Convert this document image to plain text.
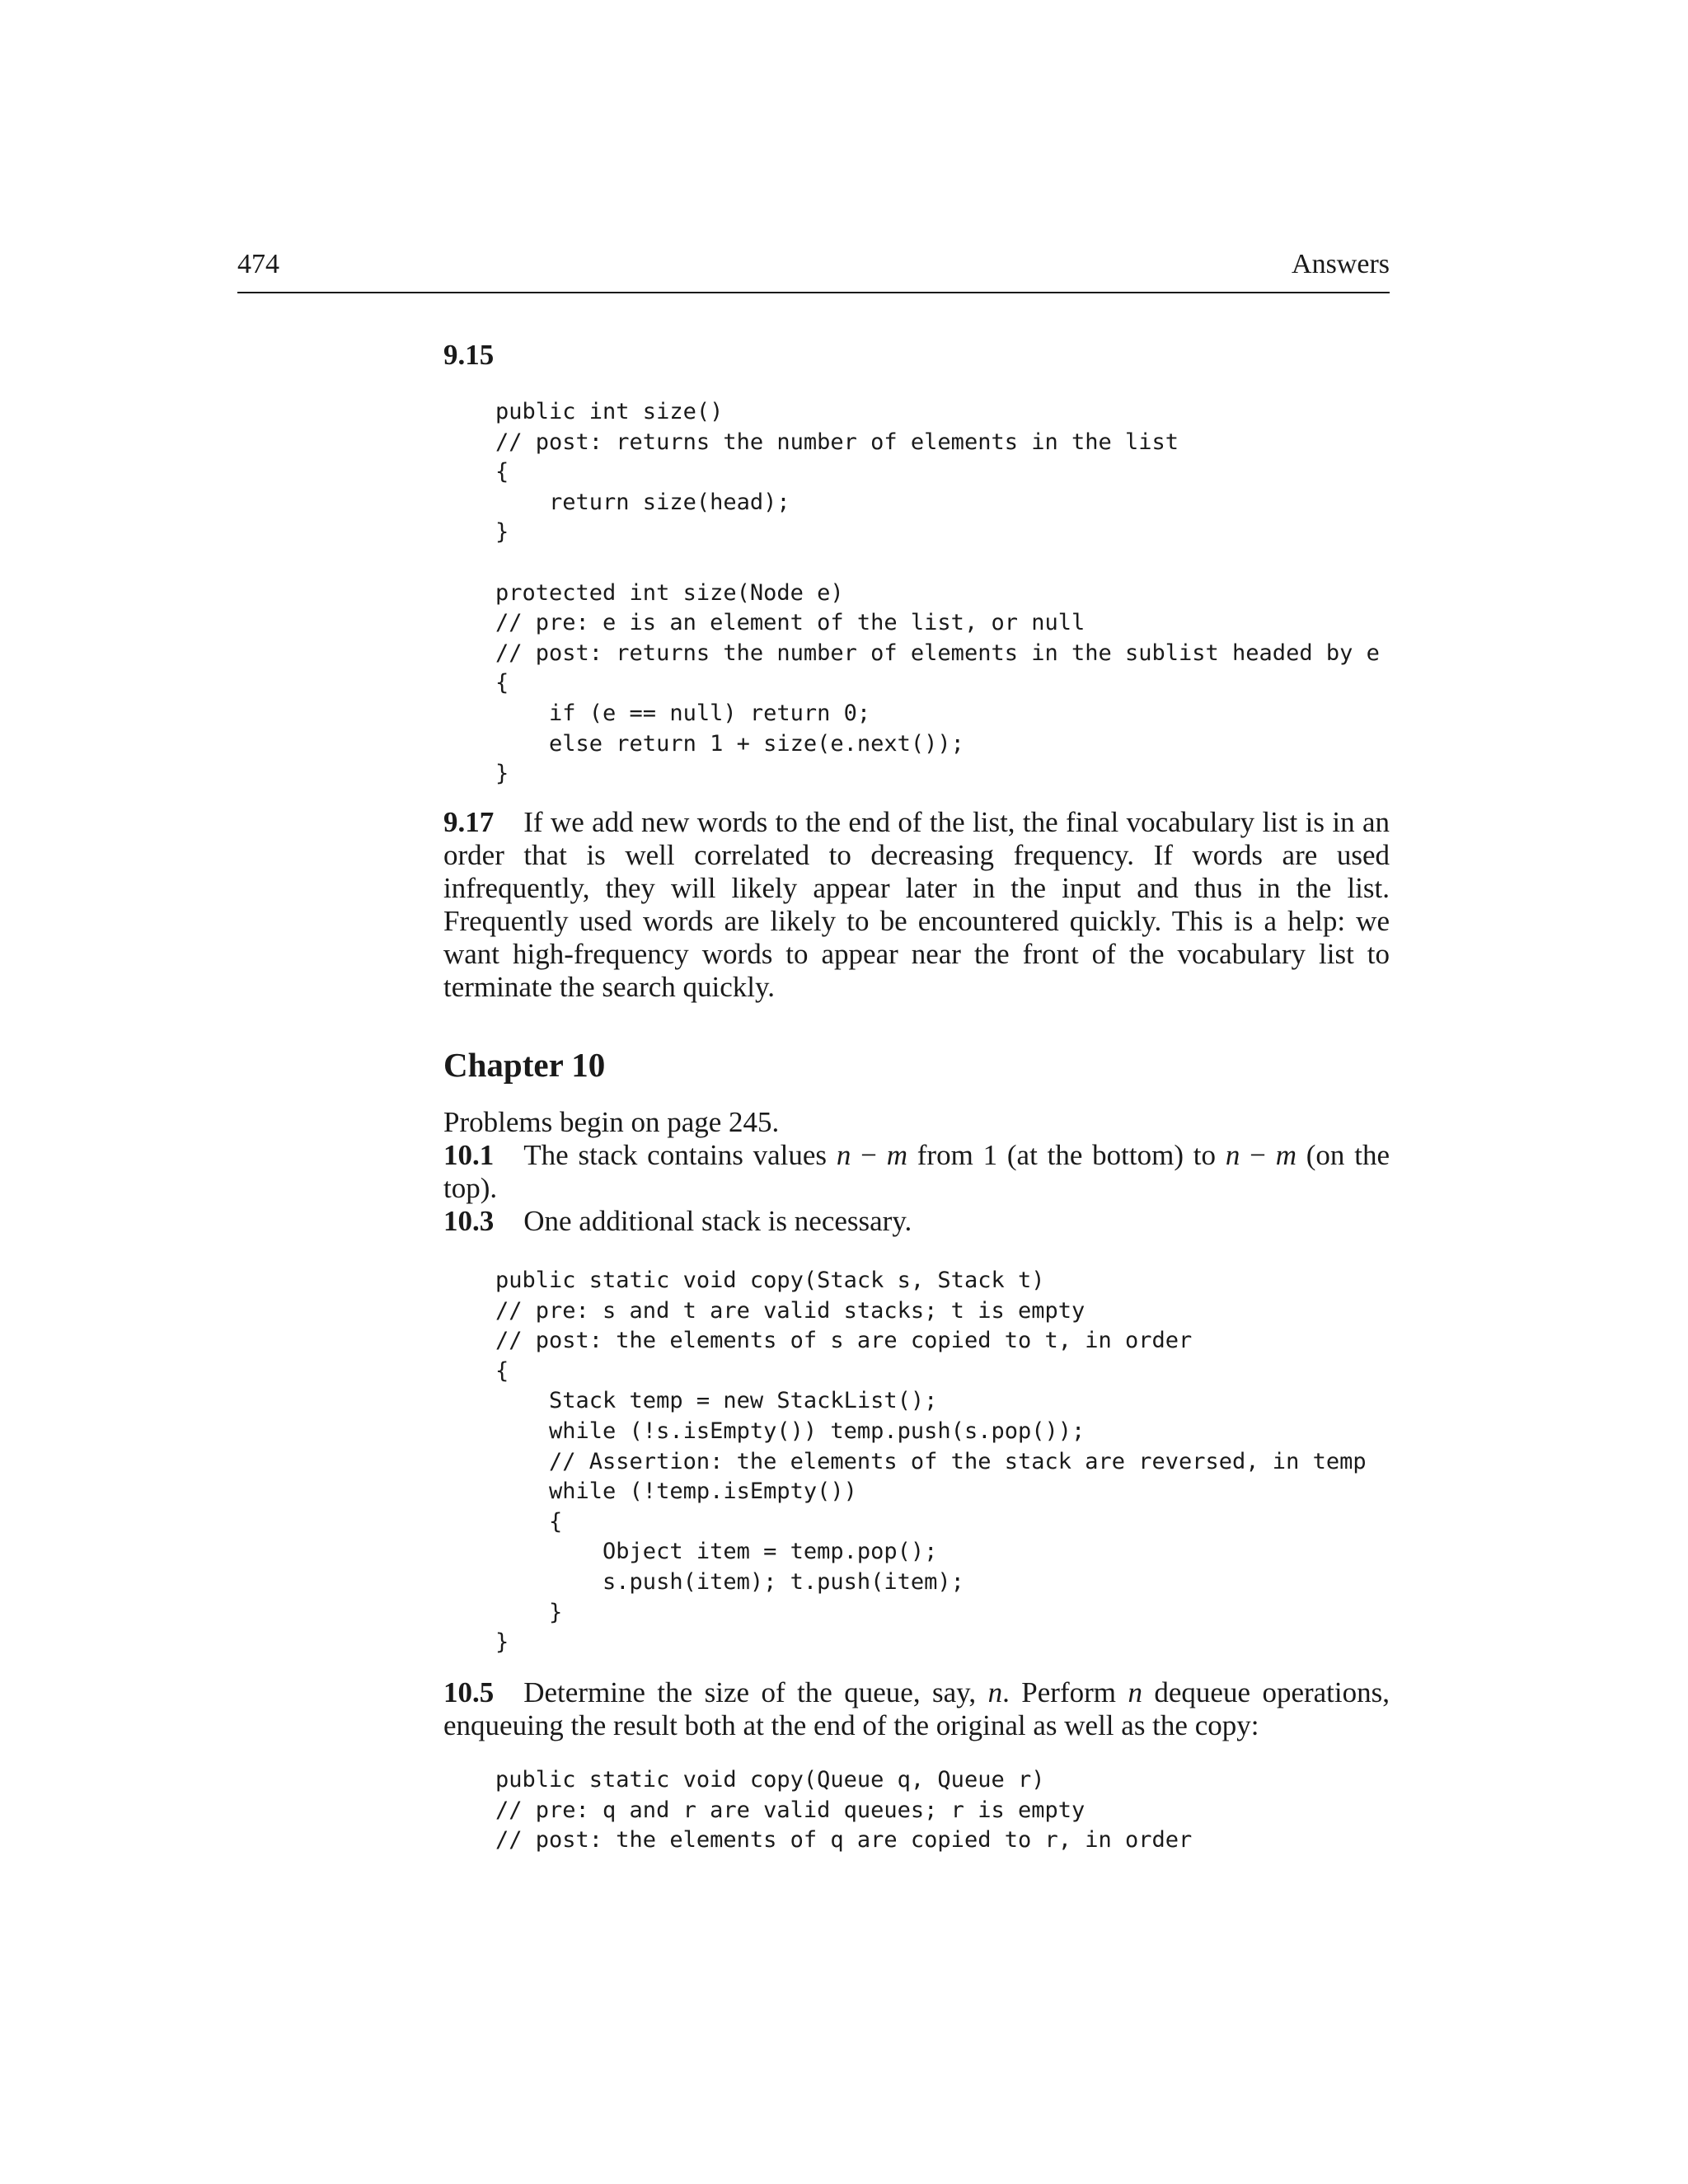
474	Answers

9.15

public int size()
// post: returns the number of elements in the list
{
return size(head);
}

protected int size(Node e)
// pre: e is an element of the list, or null
// post: returns the number of elements in the sublist headed by e
{
if (e == null) return 0;
else return 1 + size(e.next());
}

9.17 If we add new words to the end of the list, the final vocabulary list is in an order that is well correlated to decreasing frequency. If words are used infrequently, they will likely appear later in the input and thus in the list. Frequently used words are likely to be encountered quickly. This is a help: we want high-frequency words to appear near the front of the vocabulary list to terminate the search quickly.

Chapter 10

Problems begin on page 245.

10.1 The stack contains values n − m from 1 (at the bottom) to n − m (on the top).

10.3 One additional stack is necessary.

public static void copy(Stack s, Stack t)
// pre: s and t are valid stacks; t is empty
// post: the elements of s are copied to t, in order
{
Stack temp = new StackList();
while (!s.isEmpty()) temp.push(s.pop());
// Assertion: the elements of the stack are reversed, in temp
while (!temp.isEmpty())
{
Object item = temp.pop();
s.push(item); t.push(item);
}
}

10.5 Determine the size of the queue, say, n. Perform n dequeue operations, enqueuing the result both at the end of the original as well as the copy:

public static void copy(Queue q, Queue r)
// pre: q and r are valid queues; r is empty
// post: the elements of q are copied to r, in order
